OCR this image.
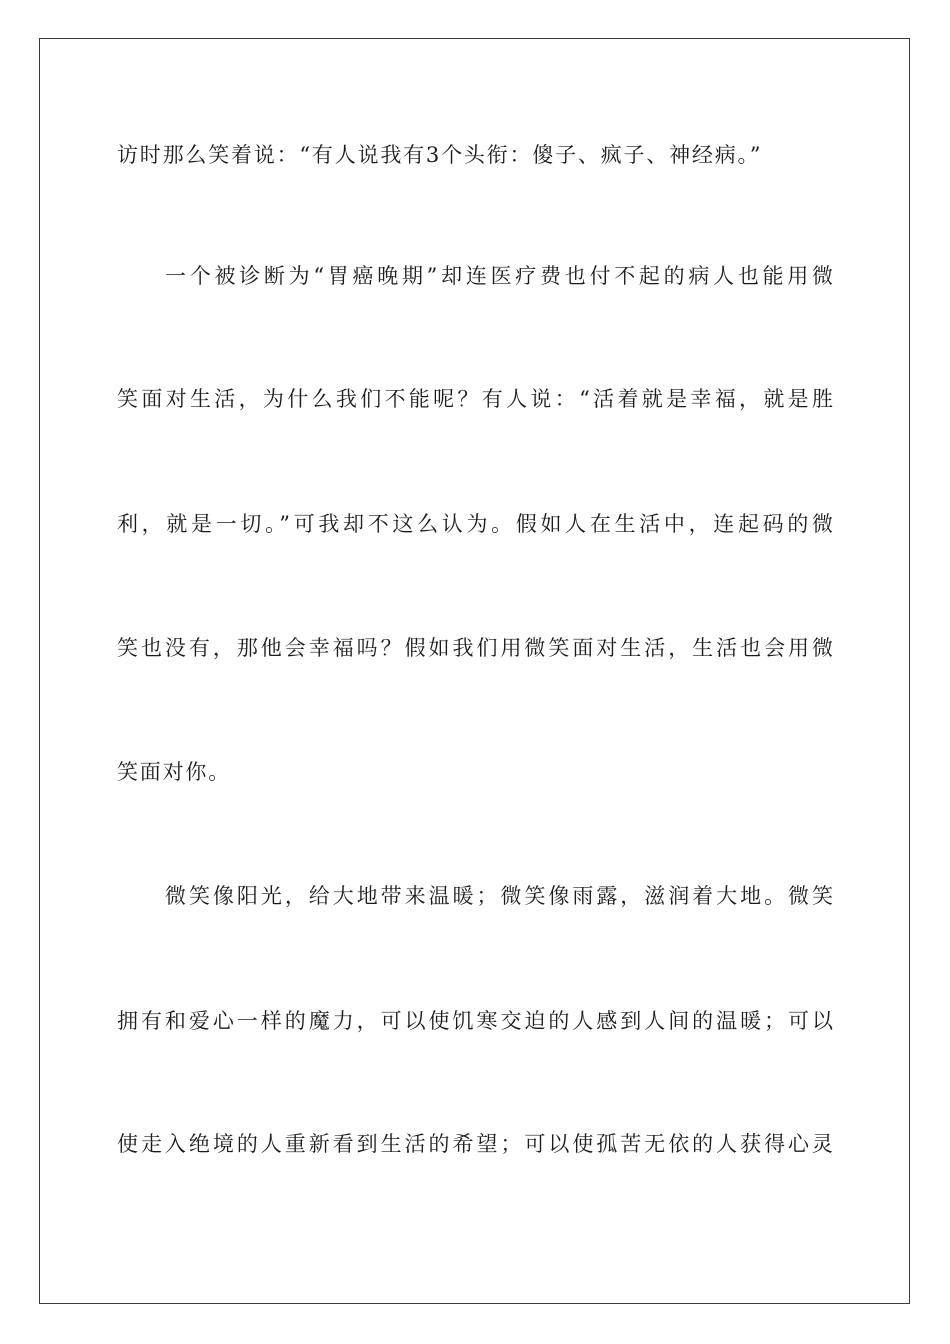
访时那么笑着说：“有人说我有3个头衔：傻子、疯子、神经病。”
一个被诊断为“胃癌晚期”却连医疗费也付不起的病人也能用微
笑面对生活，为什么我们不能呢？有人说：“活着就是幸福，就是胜
利，就是一切。”可我却不这么认为。假如人在生活中，连起码的微
笑也没有，那他会幸福吗？假如我们用微笑面对生活，生活也会用微
笑面对你。
微笑像阳光，给大地带来温暖；微笑像雨露，滋润着大地。微笑
拥有和爱心一样的魔力，可以使饥寒交迫的人感到人间的温暖；可以
使走入绝境的人重新看到生活的希望；可以使孤苦无依的人获得心灵
